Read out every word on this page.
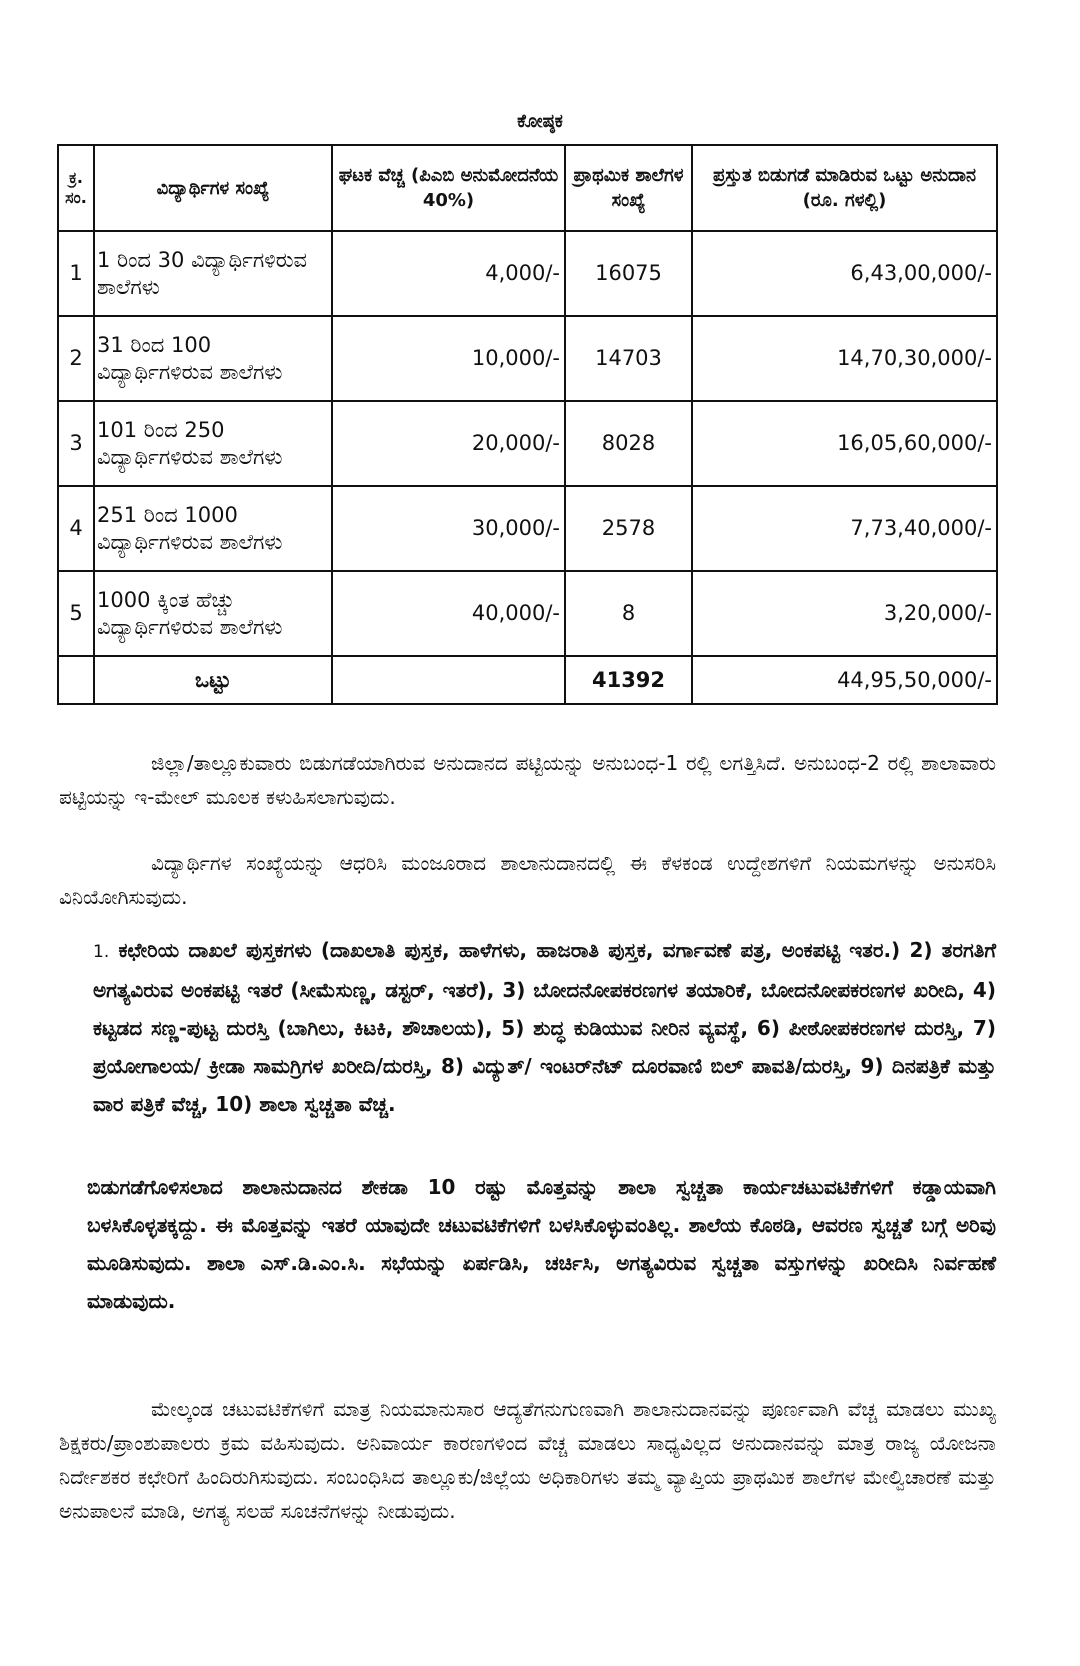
ಕೋಷ್ಠಕ
ಕ್ರ. ಸಂ.	ವಿದ್ಯಾರ್ಥಿಗಳ ಸಂಖ್ಯೆ	ಘಟಕ ವೆಚ್ಚ (ಪಿಎಬಿ ಅನುಮೋದನೆಯ 40%)	ಪ್ರಾಥಮಿಕ ಶಾಲೆಗಳ ಸಂಖ್ಯೆ	ಪ್ರಸ್ತುತ ಬಿಡುಗಡೆ ಮಾಡಿರುವ ಒಟ್ಟು ಅನುದಾನ (ರೂ. ಗಳಲ್ಲಿ)
1	1 ರಿಂದ 30 ವಿದ್ಯಾರ್ಥಿಗಳಿರುವ ಶಾಲೆಗಳು	4,000/-	16075	6,43,00,000/-
2	31 ರಿಂದ 100 ವಿದ್ಯಾರ್ಥಿಗಳಿರುವ ಶಾಲೆಗಳು	10,000/-	14703	14,70,30,000/-
3	101 ರಿಂದ 250 ವಿದ್ಯಾರ್ಥಿಗಳಿರುವ ಶಾಲೆಗಳು	20,000/-	8028	16,05,60,000/-
4	251 ರಿಂದ 1000 ವಿದ್ಯಾರ್ಥಿಗಳಿರುವ ಶಾಲೆಗಳು	30,000/-	2578	7,73,40,000/-
5	1000 ಕ್ಕಿಂತ ಹೆಚ್ಚು ವಿದ್ಯಾರ್ಥಿಗಳಿರುವ ಶಾಲೆಗಳು	40,000/-	8	3,20,000/-
	ಒಟ್ಟು		41392	44,95,50,000/-

ಜಿಲ್ಲಾ/ತಾಲ್ಲೂಕುವಾರು ಬಿಡುಗಡೆಯಾಗಿರುವ ಅನುದಾನದ ಪಟ್ಟಿಯನ್ನು ಅನುಬಂಧ-1 ರಲ್ಲಿ ಲಗತ್ತಿಸಿದೆ. ಅನುಬಂಧ-2 ರಲ್ಲಿ ಶಾಲಾವಾರು ಪಟ್ಟಿಯನ್ನು ಇ-ಮೇಲ್ ಮೂಲಕ ಕಳುಹಿಸಲಾಗುವುದು.

ವಿದ್ಯಾರ್ಥಿಗಳ ಸಂಖ್ಯೆಯನ್ನು ಆಧರಿಸಿ ಮಂಜೂರಾದ ಶಾಲಾನುದಾನದಲ್ಲಿ ಈ ಕೆಳಕಂಡ ಉದ್ದೇಶಗಳಿಗೆ ನಿಯಮಗಳನ್ನು ಅನುಸರಿಸಿ ವಿನಿಯೋಗಿಸುವುದು.

1. ಕಛೇರಿಯ ದಾಖಲೆ ಪುಸ್ತಕಗಳು (ದಾಖಲಾತಿ ಪುಸ್ತಕ, ಹಾಳೆಗಳು, ಹಾಜರಾತಿ ಪುಸ್ತಕ, ವರ್ಗಾವಣೆ ಪತ್ರ, ಅಂಕಪಟ್ಟಿ ಇತರ.) 2) ತರಗತಿಗೆ ಅಗತ್ಯವಿರುವ ಅಂಕಪಟ್ಟಿ ಇತರೆ (ಸೀಮೆಸುಣ್ಣ, ಡಸ್ಟರ್, ಇತರೆ), 3) ಬೋದನೋಪಕರಣಗಳ ತಯಾರಿಕೆ, ಬೋದನೋಪಕರಣಗಳ ಖರೀದಿ, 4) ಕಟ್ಟಡದ ಸಣ್ಣ-ಪುಟ್ಟ ದುರಸ್ತಿ (ಬಾಗಿಲು, ಕಿಟಕಿ, ಶೌಚಾಲಯ), 5) ಶುದ್ಧ ಕುಡಿಯುವ ನೀರಿನ ವ್ಯವಸ್ಥೆ, 6) ಪೀಠೋಪಕರಣಗಳ ದುರಸ್ತಿ, 7) ಪ್ರಯೋಗಾಲಯ/ ಕ್ರೀಡಾ ಸಾಮಗ್ರಿಗಳ ಖರೀದಿ/ದುರಸ್ತಿ, 8) ವಿದ್ಯುತ್/ ಇಂಟರ್‌ನೆಟ್ ದೂರವಾಣಿ ಬಿಲ್ ಪಾವತಿ/ದುರಸ್ತಿ, 9) ದಿನಪತ್ರಿಕೆ ಮತ್ತು ವಾರ ಪತ್ರಿಕೆ ವೆಚ್ಚ, 10) ಶಾಲಾ ಸ್ವಚ್ಚತಾ ವೆಚ್ಚ.

ಬಿಡುಗಡೆಗೊಳಿಸಲಾದ ಶಾಲಾನುದಾನದ ಶೇಕಡಾ 10 ರಷ್ಟು ಮೊತ್ತವನ್ನು ಶಾಲಾ ಸ್ವಚ್ಚತಾ ಕಾರ್ಯಚಟುವಟಿಕೆಗಳಿಗೆ ಕಡ್ಡಾಯವಾಗಿ ಬಳಸಿಕೊಳ್ಳತಕ್ಕದ್ದು. ಈ ಮೊತ್ತವನ್ನು ಇತರೆ ಯಾವುದೇ ಚಟುವಟಿಕೆಗಳಿಗೆ ಬಳಸಿಕೊಳ್ಳುವಂತಿಲ್ಲ. ಶಾಲೆಯ ಕೊಠಡಿ, ಆವರಣ ಸ್ವಚ್ಚತೆ ಬಗ್ಗೆ ಅರಿವು ಮೂಡಿಸುವುದು. ಶಾಲಾ ಎಸ್.ಡಿ.ಎಂ.ಸಿ. ಸಭೆಯನ್ನು ಏರ್ಪಡಿಸಿ, ಚರ್ಚಿಸಿ, ಅಗತ್ಯವಿರುವ ಸ್ವಚ್ಚತಾ ವಸ್ತುಗಳನ್ನು ಖರೀದಿಸಿ ನಿರ್ವಹಣೆ ಮಾಡುವುದು.

ಮೇಲ್ಕಂಡ ಚಟುವಟಿಕೆಗಳಿಗೆ ಮಾತ್ರ ನಿಯಮಾನುಸಾರ ಆದ್ಯತೆಗನುಗುಣವಾಗಿ ಶಾಲಾನುದಾನವನ್ನು ಪೂರ್ಣವಾಗಿ ವೆಚ್ಚ ಮಾಡಲು ಮುಖ್ಯ ಶಿಕ್ಷಕರು/ಪ್ರಾಂಶುಪಾಲರು ಕ್ರಮ ವಹಿಸುವುದು. ಅನಿವಾರ್ಯ ಕಾರಣಗಳಿಂದ ವೆಚ್ಚ ಮಾಡಲು ಸಾಧ್ಯವಿಲ್ಲದ ಅನುದಾನವನ್ನು ಮಾತ್ರ ರಾಜ್ಯ ಯೋಜನಾ ನಿರ್ದೇಶಕರ ಕಛೇರಿಗೆ ಹಿಂದಿರುಗಿಸುವುದು. ಸಂಬಂಧಿಸಿದ ತಾಲ್ಲೂಕು/ಜಿಲ್ಲೆಯ ಅಧಿಕಾರಿಗಳು ತಮ್ಮ ವ್ಯಾಪ್ತಿಯ ಪ್ರಾಥಮಿಕ ಶಾಲೆಗಳ ಮೇಲ್ವಿಚಾರಣೆ ಮತ್ತು ಅನುಪಾಲನೆ ಮಾಡಿ, ಅಗತ್ಯ ಸಲಹೆ ಸೂಚನೆಗಳನ್ನು ನೀಡುವುದು.
